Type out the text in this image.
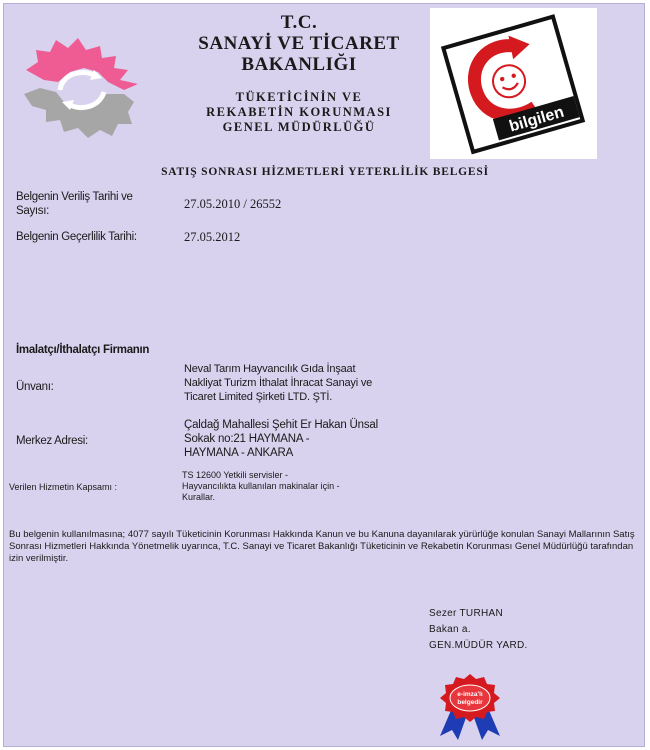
T.C.
SANAYİ VE TİCARET
BAKANLIĞI
TÜKETİCİNİN VE
REKABETİN KORUNMASI
GENEL MÜDÜRLÜĞÜ	bilgilen
SATIŞ SONRASI HİZMETLERİ YETERLİLİK BELGESİ
Belgenin Veriliş Tarihi ve
Sayısı:	27.05.2010 / 26552
Belgenin Geçerlilik Tarihi:	27.05.2012
İmalatçı/İthalatçı Firmanın
Ünvanı:
Neval Tarım Hayvancılık Gıda İnşaat
Nakliyat Turizm İthalat İhracat Sanayi ve
Ticaret Limited Şirketi LTD. ŞTİ.
Merkez Adresi:
Çaldağ Mahallesi Şehit Er Hakan Ünsal
Sokak no:21 HAYMANA -
HAYMANA - ANKARA
Verilen Hizmetin Kapsamı :
TS 12600 Yetkili servisler -
Hayvancılıkta kullanılan makinalar için -
Kurallar.
Bu belgenin kullanılmasına; 4077 sayılı Tüketicinin Korunması Hakkında Kanun ve bu Kanuna dayanılarak yürürlüğe konulan Sanayi Mallarının Satış Sonrası Hizmetleri Hakkında Yönetmelik uyarınca, T.C. Sanayi ve Ticaret Bakanlığı Tüketicinin ve Rekabetin Korunması Genel Müdürlüğü tarafından izin verilmiştir.
Sezer TURHAN
Bakan a.
GEN.MÜDÜR YARD.
e-imza'lı
belgedir
